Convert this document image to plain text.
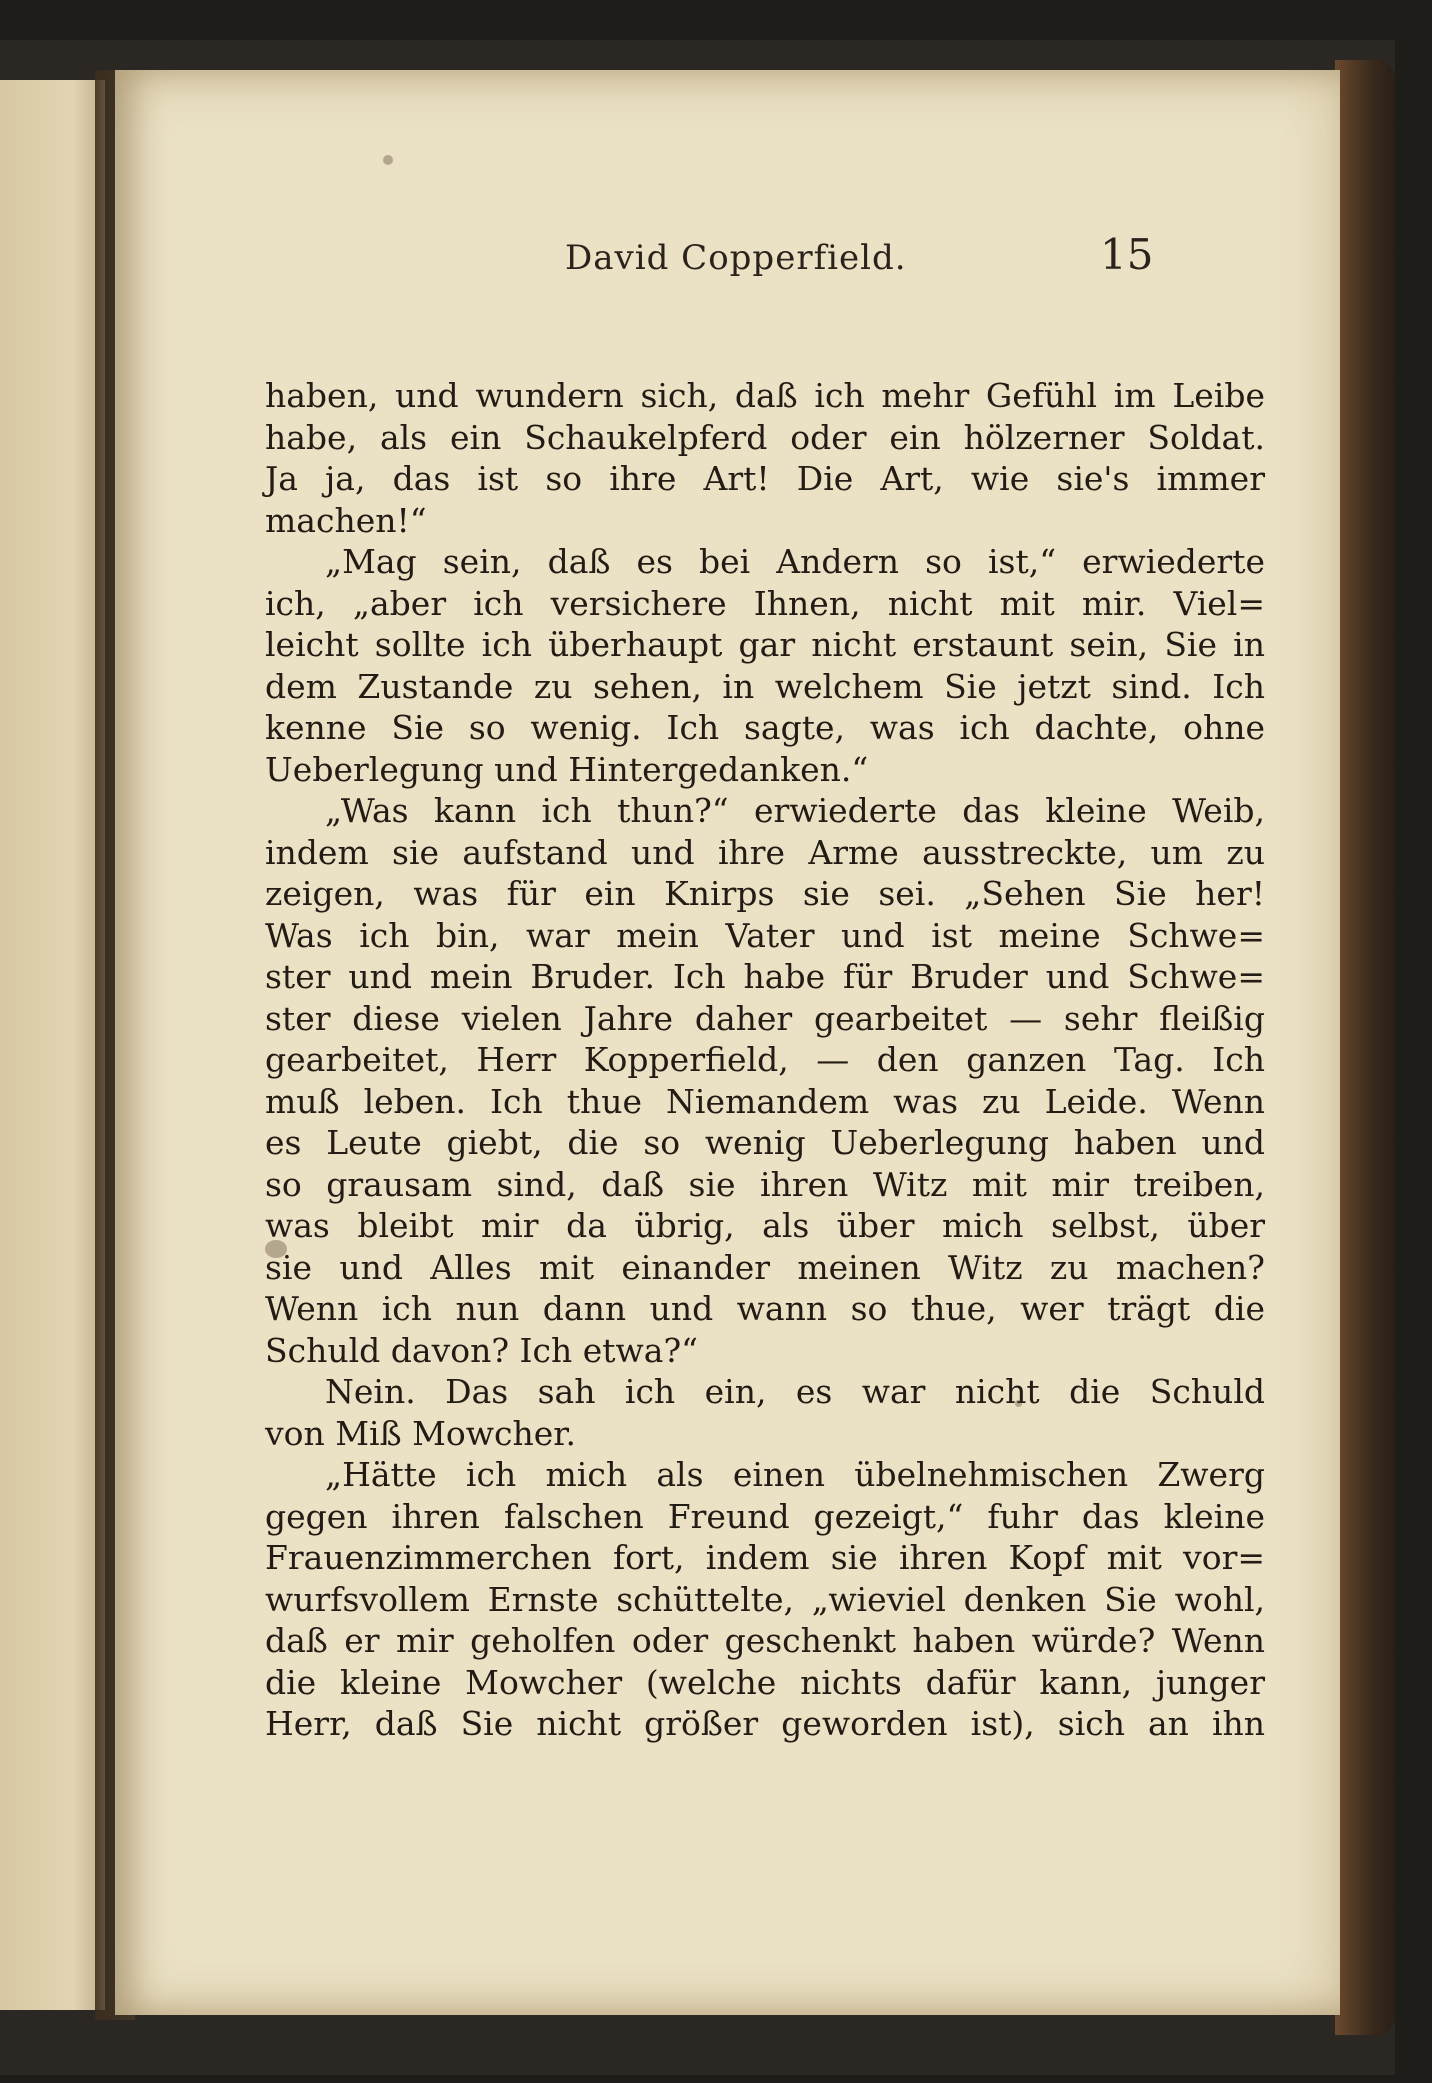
David Copperfield.	15
haben, und wundern sich, daß ich mehr Gefühl im Leibe
habe, als ein Schaukelpferd oder ein hölzerner Soldat.
Ja ja, das ist so ihre Art! Die Art, wie sie's immer
machen!“
„Mag sein, daß es bei Andern so ist,“ erwiederte
ich, „aber ich versichere Ihnen, nicht mit mir. Viel=
leicht sollte ich überhaupt gar nicht erstaunt sein, Sie in
dem Zustande zu sehen, in welchem Sie jetzt sind. Ich
kenne Sie so wenig. Ich sagte, was ich dachte, ohne
Ueberlegung und Hintergedanken.“
„Was kann ich thun?“ erwiederte das kleine Weib,
indem sie aufstand und ihre Arme ausstreckte, um zu
zeigen, was für ein Knirps sie sei. „Sehen Sie her!
Was ich bin, war mein Vater und ist meine Schwe=
ster und mein Bruder. Ich habe für Bruder und Schwe=
ster diese vielen Jahre daher gearbeitet — sehr fleißig
gearbeitet, Herr Kopperfield, — den ganzen Tag. Ich
muß leben. Ich thue Niemandem was zu Leide. Wenn
es Leute giebt, die so wenig Ueberlegung haben und
so grausam sind, daß sie ihren Witz mit mir treiben,
was bleibt mir da übrig, als über mich selbst, über
sie und Alles mit einander meinen Witz zu machen?
Wenn ich nun dann und wann so thue, wer trägt die
Schuld davon? Ich etwa?“
Nein. Das sah ich ein, es war nicht die Schuld
von Miß Mowcher.
„Hätte ich mich als einen übelnehmischen Zwerg
gegen ihren falschen Freund gezeigt,“ fuhr das kleine
Frauenzimmerchen fort, indem sie ihren Kopf mit vor=
wurfsvollem Ernste schüttelte, „wieviel denken Sie wohl,
daß er mir geholfen oder geschenkt haben würde? Wenn
die kleine Mowcher (welche nichts dafür kann, junger
Herr, daß Sie nicht größer geworden ist), sich an ihn
